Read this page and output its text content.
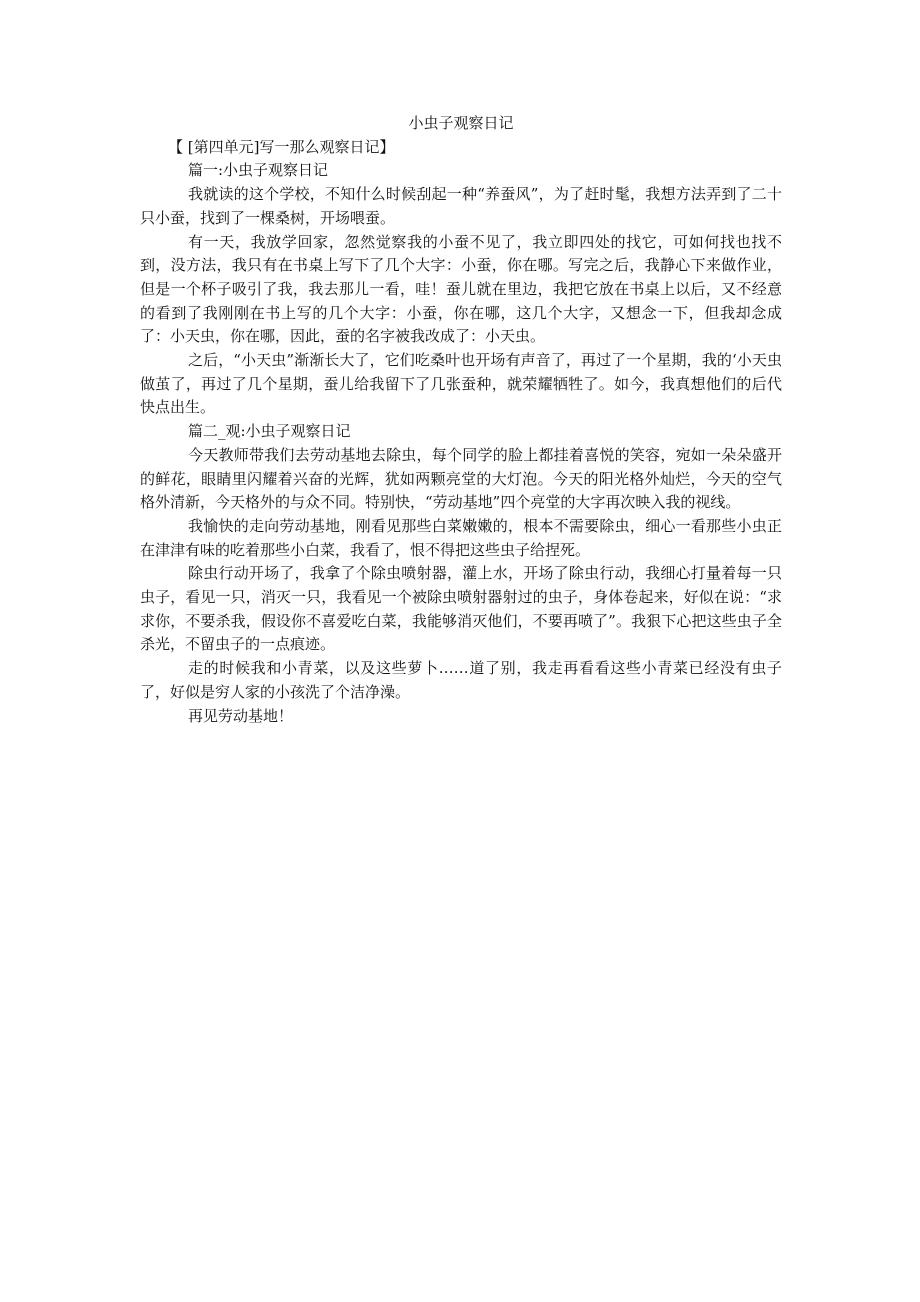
小虫子观察日记

【 [第四单元]写一那么观察日记】

篇一:小虫子观察日记

我就读的这个学校，不知什么时候刮起一种“养蚕风”，为了赶时髦，我想方法弄到了二十只小蚕，找到了一棵桑树，开场喂蚕。

有一天，我放学回家，忽然觉察我的小蚕不见了，我立即四处的找它，可如何找也找不到，没方法，我只有在书桌上写下了几个大字：小蚕，你在哪。写完之后，我静心下来做作业，但是一个杯子吸引了我，我去那儿一看，哇！蚕儿就在里边，我把它放在书桌上以后，又不经意的看到了我刚刚在书上写的几个大字：小蚕，你在哪，这几个大字，又想念一下，但我却念成了：小天虫，你在哪，因此，蚕的名字被我改成了：小天虫。

之后，“小天虫”渐渐长大了，它们吃桑叶也开场有声音了，再过了一个星期，我的‘小天虫做茧了，再过了几个星期，蚕儿给我留下了几张蚕种，就荣耀牺牲了。如今，我真想他们的后代快点出生。

篇二_观:小虫子观察日记

今天教师带我们去劳动基地去除虫，每个同学的脸上都挂着喜悦的笑容，宛如一朵朵盛开的鲜花，眼睛里闪耀着兴奋的光辉，犹如两颗亮堂的大灯泡。今天的阳光格外灿烂，今天的空气格外清新，今天格外的与众不同。特别快，“劳动基地”四个亮堂的大字再次映入我的视线。

我愉快的走向劳动基地，刚看见那些白菜嫩嫩的，根本不需要除虫，细心一看那些小虫正在津津有味的吃着那些小白菜，我看了，恨不得把这些虫子给捏死。

除虫行动开场了，我拿了个除虫喷射器，灌上水，开场了除虫行动，我细心打量着每一只虫子，看见一只，消灭一只，我看见一个被除虫喷射器射过的虫子，身体卷起来，好似在说：“求求你，不要杀我，假设你不喜爱吃白菜，我能够消灭他们，不要再喷了”。我狠下心把这些虫子全杀光，不留虫子的一点痕迹。

走的时候我和小青菜，以及这些萝卜……道了别，我走再看看这些小青菜已经没有虫子了，好似是穷人家的小孩洗了个洁净澡。

再见劳动基地！
